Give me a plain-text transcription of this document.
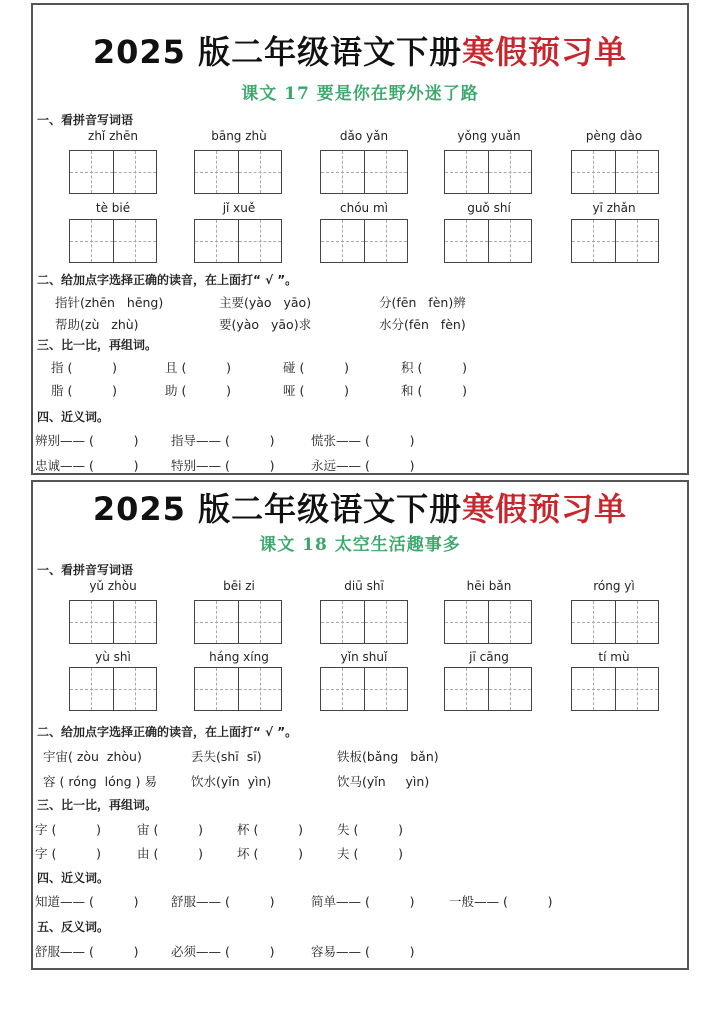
2025 版二年级语文下册寒假预习单
课文 17 要是你在野外迷了路
一、看拼音写词语
zhǐ zhēn	bāng zhù	dǎo yǎn	yǒng yuǎn	pèng dào
tè bié	jǐ xuě	chóu mì	guǒ shí	yī zhǎn
二、给加点字选择正确的读音，在上面打“ √ ”。
指针(zhēn   hēng)	主要(yào   yāo)	分(fēn   fèn)辨
帮助(zù   zhù)	要(yào   yāo)求	水分(fēn   fèn)
三、比一比，再组词。
指 (          )	且 (          )	碰 (          )	积 (          )
脂 (          )	助 (          )	哑 (          )	和 (          )
四、近义词。
辨别—— (          )	指导—— (          )	慌张—— (          )
忠诚—— (          )	特别—— (          )	永远—— (          )
2025 版二年级语文下册寒假预习单
课文 18 太空生活趣事多
一、看拼音写词语
yǔ zhòu	bēi zi	diū shī	hēi bǎn	róng yì
yù shì	háng xíng	yǐn shuǐ	jī cāng	tí mù
二、给加点字选择正确的读音，在上面打“ √ ”。
宇宙( zòu  zhòu)	丢失(shī  sī)	铁板(bǎng   bǎn)
容 ( róng  lóng ) 易	饮水(yǐn  yìn)	饮马(yǐn     yìn)
三、比一比，再组词。
字 (          )	宙 (          )	杯 (          )	失 (          )
字 (          )	由 (          )	坏 (          )	夫 (          )
四、近义词。
知道—— (          )	舒服—— (          )	简单—— (          )	一般—— (          )
五、反义词。
舒服—— (          )	必须—— (          )	容易—— (          )
